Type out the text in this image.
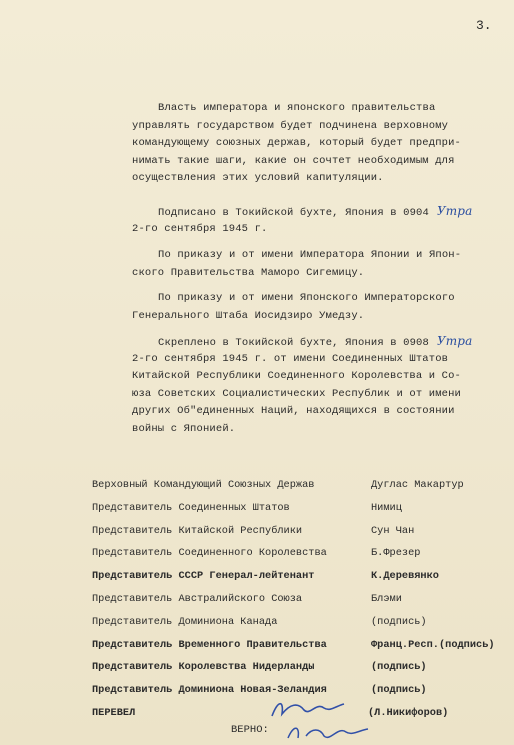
3.
Власть императора и японского правительства
управлять государством будет подчинена верховному
командующему союзных держав, который будет предпри-
нимать такие шаги, какие он сочтет необходимым для
осуществления этих условий капитуляции.
Подписано в Токийской бухте, Япония в 0904 Утра
2-го сентября 1945 г.
По приказу и от имени Императора Японии и Япон-
ского Правительства Маморо Сигемицу.
По приказу и от имени Японского Императорского
Генерального Штаба Иосидзиро Умедзу.
Скреплено в Токийской бухте, Япония в 0908 Утра
2-го сентября 1945 г. от имени Соединенных Штатов
Китайской Республики Соединенного Королевства и Со-
юза Советских Социалистических Республик и от имени
других Об"единенных Наций, находящихся в состоянии
войны с Японией.
Верховный Командующий Союзных Держав	Дуглас Макартур
Представитель Соединенных Штатов	Нимиц
Представитель Китайской Республики	Сун Чан
Представитель Соединенного Королевства	Б.Фрезер
Представитель СССР Генерал-лейтенант	К.Деревянко
Представитель Австралийского Союза	Блэми
Представитель Доминиона Канада	(подпись)
Представитель Временного Правительства	Франц.Респ.(подпись)
Представитель Королевства Нидерланды	(подпись)
Представитель Доминиона Новая-Зеландия	(подпись)
ПЕРЕВЕЛ	(Л.Никифоров)
ВЕРНО:
